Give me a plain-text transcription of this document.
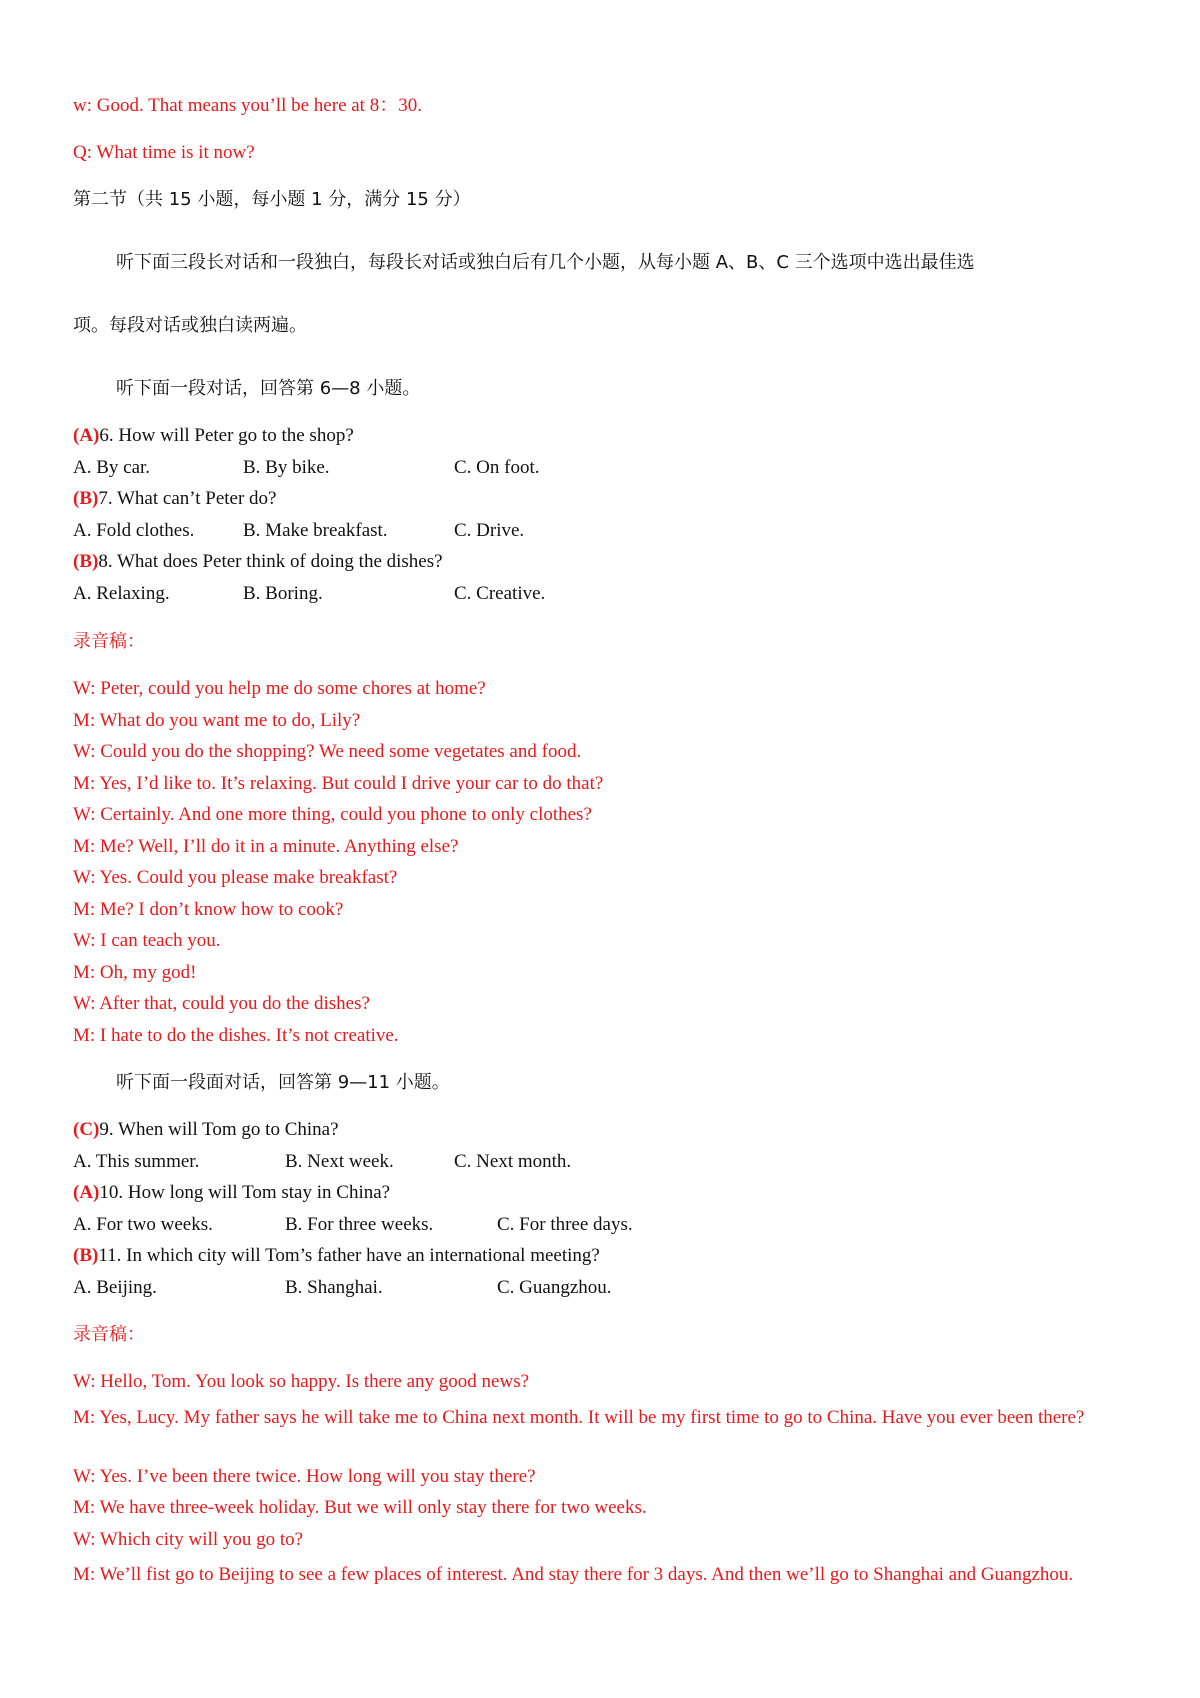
w: Good. That means you’ll be here at 8：30.
Q: What time is it now?
第二节（共 15 小题，每小题 1 分，满分 15 分）
听下面三段长对话和一段独白，每段长对话或独白后有几个小题，从每小题 A、B、C 三个选项中选出最佳选
项。每段对话或独白读两遍。
听下面一段对话，回答第 6—8 小题。
(A)6. How will Peter go to the shop?
A. By car.	B. By bike.	C. On foot.
(B)7. What can’t Peter do?
A. Fold clothes.	B. Make breakfast.	C. Drive.
(B)8. What does Peter think of doing the dishes?
A. Relaxing.	B. Boring.	C. Creative.
录音稿：
W: Peter, could you help me do some chores at home?
M: What do you want me to do, Lily?
W: Could you do the shopping? We need some vegetates and food.
M: Yes, I’d like to. It’s relaxing. But could I drive your car to do that?
W: Certainly. And one more thing, could you phone to only clothes?
M: Me? Well, I’ll do it in a minute. Anything else?
W: Yes. Could you please make breakfast?
M: Me? I don’t know how to cook?
W: I can teach you.
M: Oh, my god!
W: After that, could you do the dishes?
M: I hate to do the dishes. It’s not creative.
听下面一段面对话，回答第 9—11 小题。
(C)9. When will Tom go to China?
A. This summer.	B. Next week.	C. Next month.
(A)10. How long will Tom stay in China?
A. For two weeks.	B. For three weeks.	C. For three days.
(B)11. In which city will Tom’s father have an international meeting?
A. Beijing.	B. Shanghai.	C. Guangzhou.
录音稿：
W: Hello, Tom. You look so happy. Is there any good news?
M: Yes, Lucy. My father says he will take me to China next month. It will be my first time to go to China. Have you ever been there?
W: Yes. I’ve been there twice. How long will you stay there?
M: We have three-week holiday. But we will only stay there for two weeks.
W: Which city will you go to?
M: We’ll fist go to Beijing to see a few places of interest. And stay there for 3 days. And then we’ll go to Shanghai and Guangzhou.
